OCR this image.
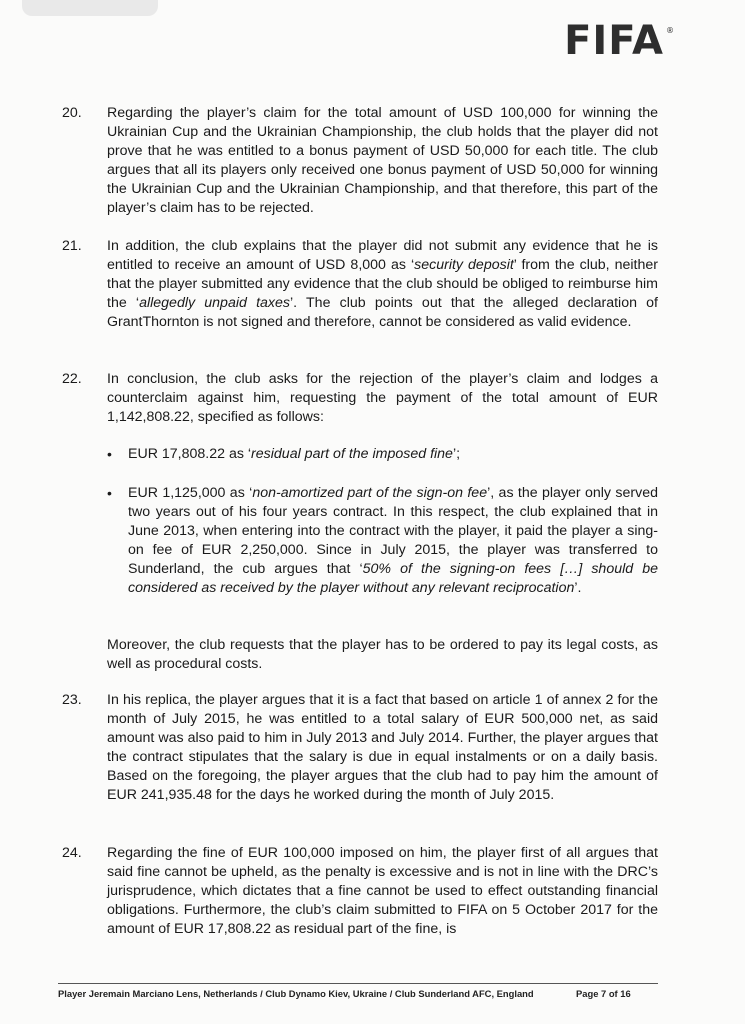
FIFA ®
20. Regarding the player’s claim for the total amount of USD 100,000 for winning the Ukrainian Cup and the Ukrainian Championship, the club holds that the player did not prove that he was entitled to a bonus payment of USD 50,000 for each title. The club argues that all its players only received one bonus payment of USD 50,000 for winning the Ukrainian Cup and the Ukrainian Championship, and that therefore, this part of the player’s claim has to be rejected.
21. In addition, the club explains that the player did not submit any evidence that he is entitled to receive an amount of USD 8,000 as ‘security deposit’ from the club, neither that the player submitted any evidence that the club should be obliged to reimburse him the ‘allegedly unpaid taxes’. The club points out that the alleged declaration of GrantThornton is not signed and therefore, cannot be considered as valid evidence.
22. In conclusion, the club asks for the rejection of the player’s claim and lodges a counterclaim against him, requesting the payment of the total amount of EUR 1,142,808.22, specified as follows:
• EUR 17,808.22 as ‘residual part of the imposed fine’;
• EUR 1,125,000 as ‘non-amortized part of the sign-on fee’, as the player only served two years out of his four years contract. In this respect, the club explained that in June 2013, when entering into the contract with the player, it paid the player a sing-on fee of EUR 2,250,000. Since in July 2015, the player was transferred to Sunderland, the cub argues that ‘50% of the signing-on fees […] should be considered as received by the player without any relevant reciprocation’.
Moreover, the club requests that the player has to be ordered to pay its legal costs, as well as procedural costs.
23. In his replica, the player argues that it is a fact that based on article 1 of annex 2 for the month of July 2015, he was entitled to a total salary of EUR 500,000 net, as said amount was also paid to him in July 2013 and July 2014. Further, the player argues that the contract stipulates that the salary is due in equal instalments or on a daily basis. Based on the foregoing, the player argues that the club had to pay him the amount of EUR 241,935.48 for the days he worked during the month of July 2015.
24. Regarding the fine of EUR 100,000 imposed on him, the player first of all argues that said fine cannot be upheld, as the penalty is excessive and is not in line with the DRC’s jurisprudence, which dictates that a fine cannot be used to effect outstanding financial obligations. Furthermore, the club’s claim submitted to FIFA on 5 October 2017 for the amount of EUR 17,808.22 as residual part of the fine, is
Player Jeremain Marciano Lens, Netherlands / Club Dynamo Kiev, Ukraine / Club Sunderland AFC, England	Page 7 of 16
